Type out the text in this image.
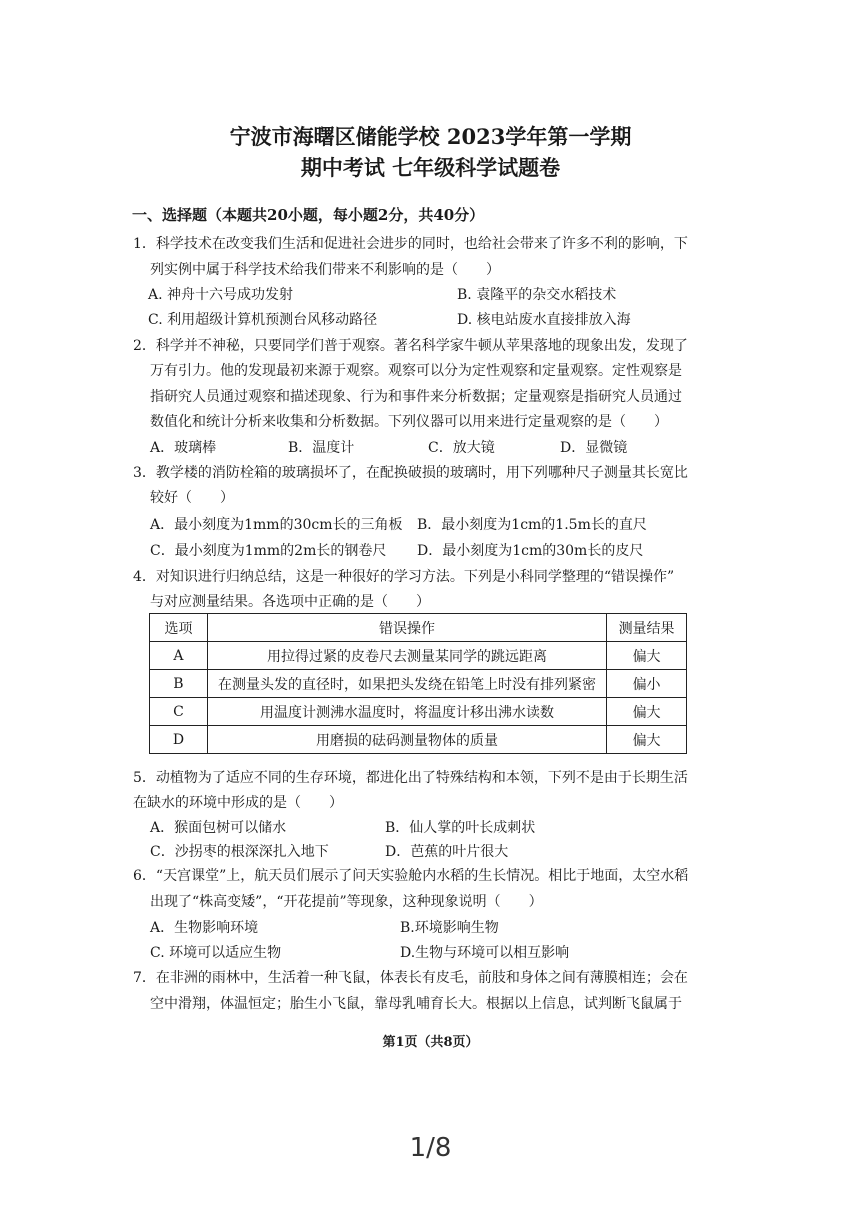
宁波市海曙区储能学校 2023学年第一学期
期中考试 七年级科学试题卷
一、选择题（本题共20小题，每小题2分，共40分）
1．科学技术在改变我们生活和促进社会进步的同时，也给社会带来了许多不利的影响，下
列实例中属于科学技术给我们带来不利影响的是（　　）
A. 神舟十六号成功发射	B. 袁隆平的杂交水稻技术
C. 利用超级计算机预测台风移动路径	D. 核电站废水直接排放入海
2．科学并不神秘，只要同学们普于观察。著名科学家牛顿从苹果落地的现象出发，发现了
万有引力。他的发现最初来源于观察。观察可以分为定性观察和定量观察。定性观察是
指研究人员通过观察和描述现象、行为和事件来分析数据；定量观察是指研究人员通过
数值化和统计分析来收集和分析数据。下列仪器可以用来进行定量观察的是（　　）
A．玻璃棒	B．温度计	C．放大镜	D．显微镜
3．教学楼的消防栓箱的玻璃损坏了，在配换破损的玻璃时，用下列哪种尺子测量其长宽比
较好（　　）
A．最小刻度为1mm的30cm长的三角板 B．最小刻度为1cm的1.5m长的直尺
C．最小刻度为1mm的2m长的钢卷尺 D．最小刻度为1cm的30m长的皮尺
4．对知识进行归纳总结，这是一种很好的学习方法。下列是小科同学整理的“错误操作”
与对应测量结果。各选项中正确的是（　　）
选项	错误操作	测量结果
A	用拉得过紧的皮卷尺去测量某同学的跳远距离	偏大
B	在测量头发的直径时，如果把头发绕在铅笔上时没有排列紧密	偏小
C	用温度计测沸水温度时，将温度计移出沸水读数	偏大
D	用磨损的砝码测量物体的质量	偏大
5．动植物为了适应不同的生存环境，都进化出了特殊结构和本领，下列不是由于长期生活
在缺水的环境中形成的是（　　）
A．猴面包树可以储水	B．仙人掌的叶长成刺状
C．沙拐枣的根深深扎入地下	D．芭蕉的叶片很大
6．“天宫课堂”上，航天员们展示了问天实验舱内水稻的生长情况。相比于地面，太空水稻
出现了“株高变矮”，“开花提前”等现象，这种现象说明（　　）
A．生物影响环境	B.环境影响生物
C. 环境可以适应生物	D.生物与环境可以相互影响
7．在非洲的雨林中，生活着一种飞鼠，体表长有皮毛，前肢和身体之间有薄膜相连；会在
空中滑翔，体温恒定；胎生小飞鼠，靠母乳哺育长大。根据以上信息，试判断飞鼠属于
第1页（共8页）
1/8
